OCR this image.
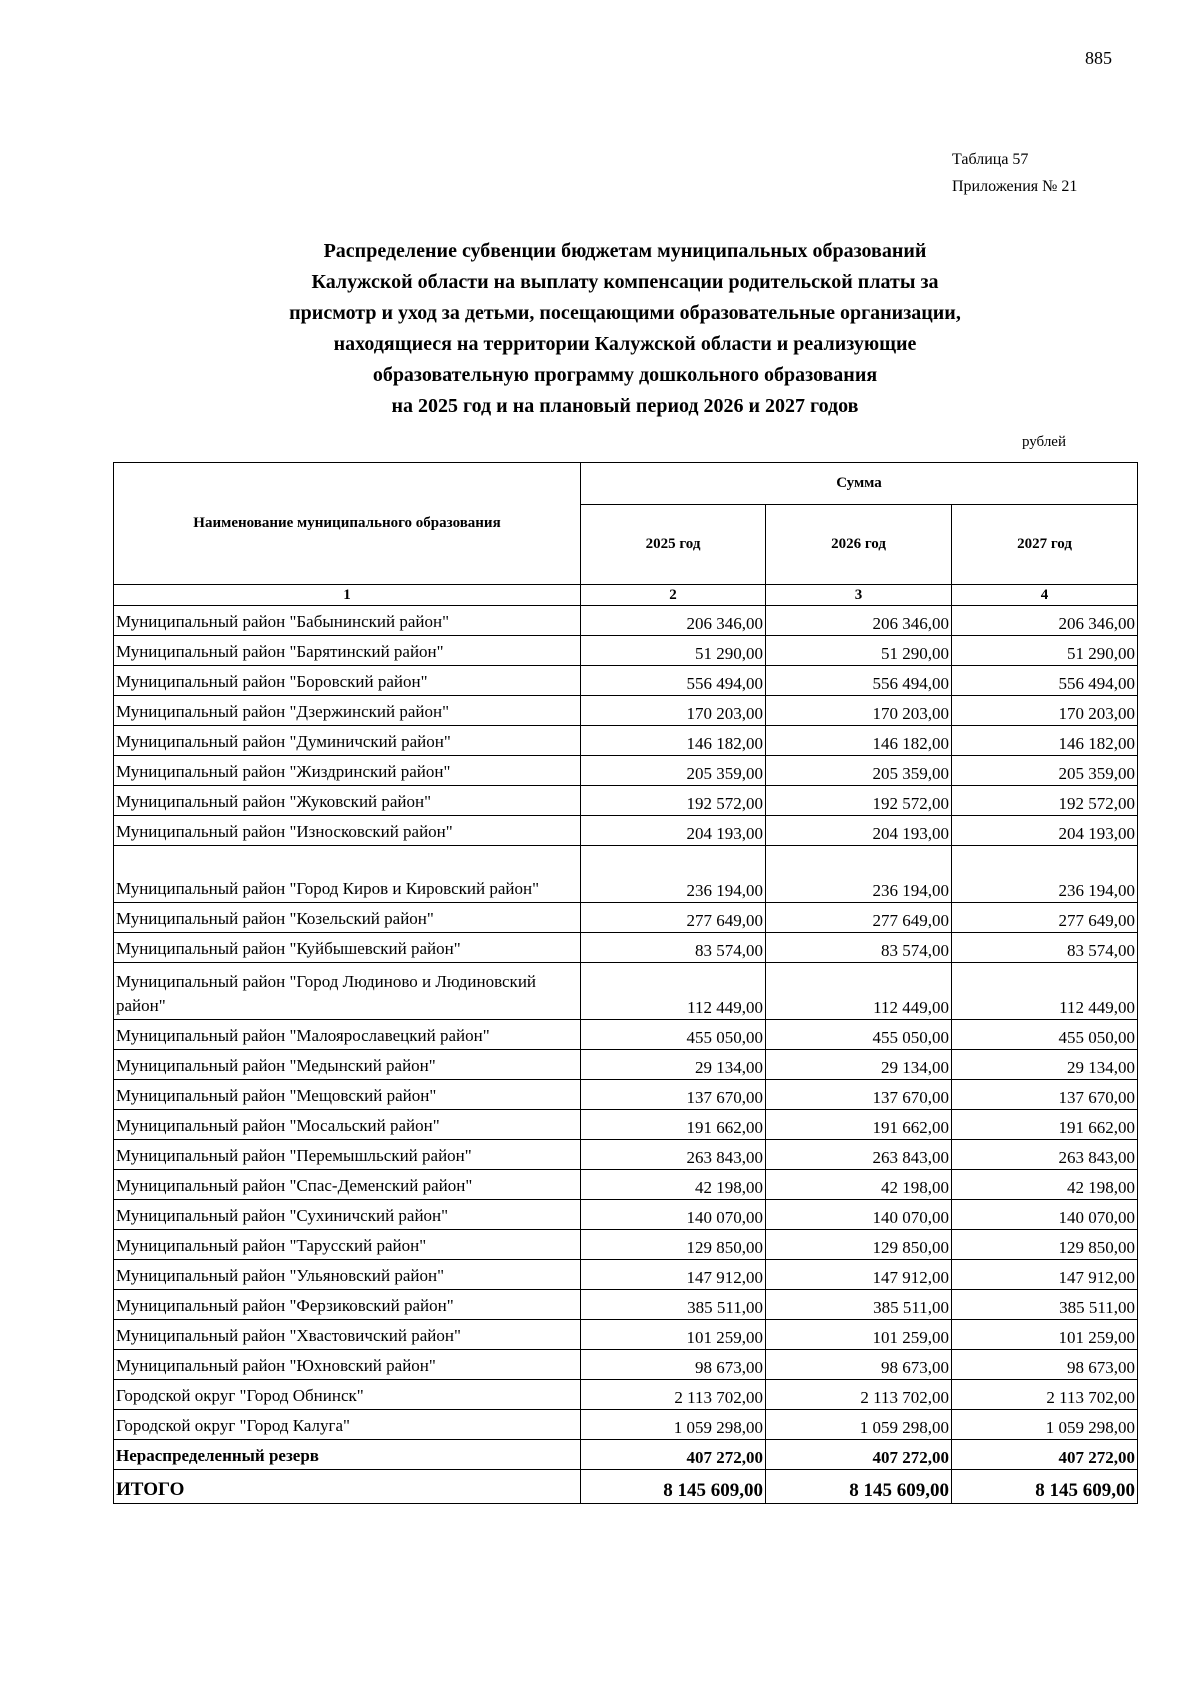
885
Таблица 57
Приложения № 21
Распределение субвенции бюджетам муниципальных образований
Калужской области на выплату компенсации родительской платы за
присмотр и уход за детьми, посещающими образовательные организации,
находящиеся на территории Калужской области и реализующие
образовательную программу дошкольного образования
на 2025 год и на плановый период 2026 и 2027 годов
рублей
Наименование муниципального образования	Сумма		
	2025 год	2026 год	2027 год
1	2	3	4
Муниципальный район "Бабынинский район"	206 346,00	206 346,00	206 346,00
Муниципальный район "Барятинский район"	51 290,00	51 290,00	51 290,00
Муниципальный район "Боровский район"	556 494,00	556 494,00	556 494,00
Муниципальный район "Дзержинский район"	170 203,00	170 203,00	170 203,00
Муниципальный район "Думиничский район"	146 182,00	146 182,00	146 182,00
Муниципальный район "Жиздринский район"	205 359,00	205 359,00	205 359,00
Муниципальный район "Жуковский район"	192 572,00	192 572,00	192 572,00
Муниципальный район "Износковский район"	204 193,00	204 193,00	204 193,00
Муниципальный район "Город Киров и Кировский район"	236 194,00	236 194,00	236 194,00
Муниципальный район "Козельский район"	277 649,00	277 649,00	277 649,00
Муниципальный район "Куйбышевский район"	83 574,00	83 574,00	83 574,00
Муниципальный район "Город Людиново и Людиновский район"	112 449,00	112 449,00	112 449,00
Муниципальный район "Малоярославецкий район"	455 050,00	455 050,00	455 050,00
Муниципальный район "Медынский район"	29 134,00	29 134,00	29 134,00
Муниципальный район "Мещовский район"	137 670,00	137 670,00	137 670,00
Муниципальный район "Мосальский район"	191 662,00	191 662,00	191 662,00
Муниципальный район "Перемышльский район"	263 843,00	263 843,00	263 843,00
Муниципальный район "Спас-Деменский район"	42 198,00	42 198,00	42 198,00
Муниципальный район "Сухиничский район"	140 070,00	140 070,00	140 070,00
Муниципальный район "Тарусский район"	129 850,00	129 850,00	129 850,00
Муниципальный район "Ульяновский район"	147 912,00	147 912,00	147 912,00
Муниципальный район "Ферзиковский район"	385 511,00	385 511,00	385 511,00
Муниципальный район "Хвастовичский район"	101 259,00	101 259,00	101 259,00
Муниципальный район "Юхновский район"	98 673,00	98 673,00	98 673,00
Городской округ "Город Обнинск"	2 113 702,00	2 113 702,00	2 113 702,00
Городской округ "Город Калуга"	1 059 298,00	1 059 298,00	1 059 298,00
Нераспределенный резерв	407 272,00	407 272,00	407 272,00
ИТОГО	8 145 609,00	8 145 609,00	8 145 609,00
